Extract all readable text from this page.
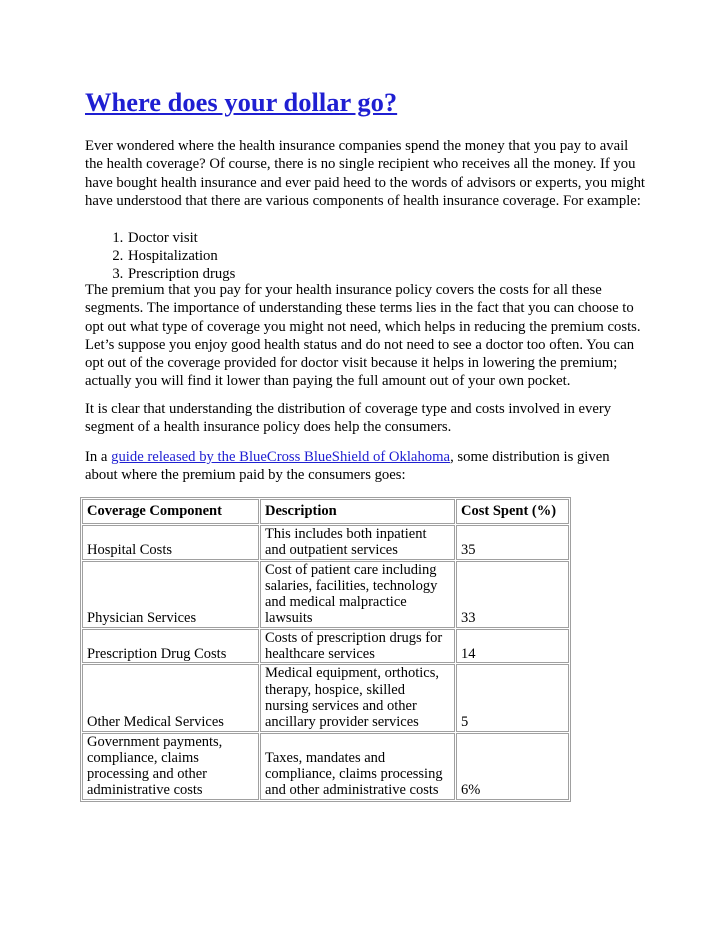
Where does your dollar go?

Ever wondered where the health insurance companies spend the money that you pay to avail the health coverage? Of course, there is no single recipient who receives all the money. If you have bought health insurance and ever paid heed to the words of advisors or experts, you might have understood that there are various components of health insurance coverage. For example:

1. Doctor visit
2. Hospitalization
3. Prescription drugs

The premium that you pay for your health insurance policy covers the costs for all these segments. The importance of understanding these terms lies in the fact that you can choose to opt out what type of coverage you might not need, which helps in reducing the premium costs. Let’s suppose you enjoy good health status and do not need to see a doctor too often. You can opt out of the coverage provided for doctor visit because it helps in lowering the premium; actually you will find it lower than paying the full amount out of your own pocket.

It is clear that understanding the distribution of coverage type and costs involved in every segment of a health insurance policy does help the consumers.

In a guide released by the BlueCross BlueShield of Oklahoma, some distribution is given about where the premium paid by the consumers goes:

Coverage Component	Description	Cost Spent (%)
Hospital Costs	This includes both inpatient and outpatient services	35
Physician Services	Cost of patient care including salaries, facilities, technology and medical malpractice lawsuits	33
Prescription Drug Costs	Costs of prescription drugs for healthcare services	14
Other Medical Services	Medical equipment, orthotics, therapy, hospice, skilled nursing services and other ancillary provider services	5
Government payments, compliance, claims processing and other administrative costs	Taxes, mandates and compliance, claims processing and other administrative costs	6%
